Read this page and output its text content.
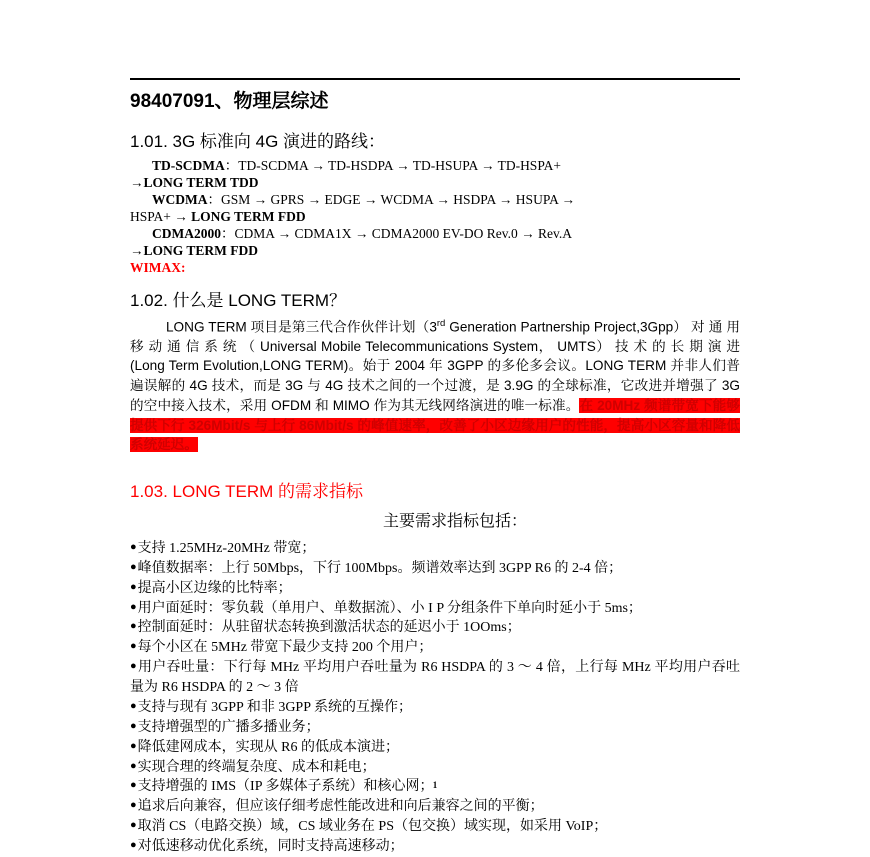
98407091、物理层综述
1.01. 3G 标准向 4G 演进的路线：

TD-SCDMA：TD-SCDMA → TD-HSDPA → TD-HSUPA → TD-HSPA+

→LONG TERM TDD

WCDMA：GSM → GPRS → EDGE → WCDMA → HSDPA → HSUPA →

HSPA+ → LONG TERM FDD

CDMA2000：CDMA → CDMA1X → CDMA2000 EV-DO Rev.0 → Rev.A

→LONG TERM FDD

WIMAX:

1.02. 什么是 LONG TERM？

LONG TERM 项目是第三代合作伙伴计划（3rd Generation Partnership Project,3Gpp） 对 通 用 移 动 通 信 系 统 （ Universal Mobile Telecommunications System， UMTS） 技 术 的 长 期 演 进 (Long Term Evolution,LONG TERM)。始于 2004 年 3GPP 的多伦多会议。LONG TERM 并非人们普遍误解的 4G 技术，而是 3G 与 4G 技术之间的一个过渡，是 3.9G 的全球标准，它改进并增强了 3G 的空中接入技术，采用 OFDM 和 MIMO 作为其无线网络演进的唯一标准。在 20MHz 频谱带宽下能够提供下行 326Mbit/s 与上行 86Mbit/s 的峰值速率，改善了小区边缘用户的性能，提高小区容量和降低系统延迟。

1.03. LONG TERM 的需求指标
主要需求指标包括：

●支持 1.25MHz-20MHz 带宽；

●峰值数据率：上行 50Mbps，下行 100Mbps。频谱效率达到 3GPP R6 的 2-4 倍；

●提高小区边缘的比特率；

●用户面延时：零负载（单用户、单数据流）、小 I P 分组条件下单向时延小于 5ms；

●控制面延时：从驻留状态转换到激活状态的延迟小于 1OOms；

●每个小区在 5MHz 带宽下最少支持 200 个用户；

●用户吞吐量：下行每 MHz 平均用户吞吐量为 R6 HSDPA 的 3 ～ 4 倍，上行每 MHz 平均用户吞吐量为 R6 HSDPA 的 2 ～ 3 倍

●支持与现有 3GPP 和非 3GPP 系统的互操作；

●支持增强型的广播多播业务；

●降低建网成本，实现从 R6 的低成本演进；

●实现合理的终端复杂度、成本和耗电；

●支持增强的 IMS（IP 多媒体子系统）和核心网；

●追求后向兼容，但应该仔细考虑性能改进和向后兼容之间的平衡；

●取消 CS（电路交换）域，CS 域业务在 PS（包交换）域实现，如采用 VoIP；

●对低速移动优化系统，同时支持高速移动；

1
